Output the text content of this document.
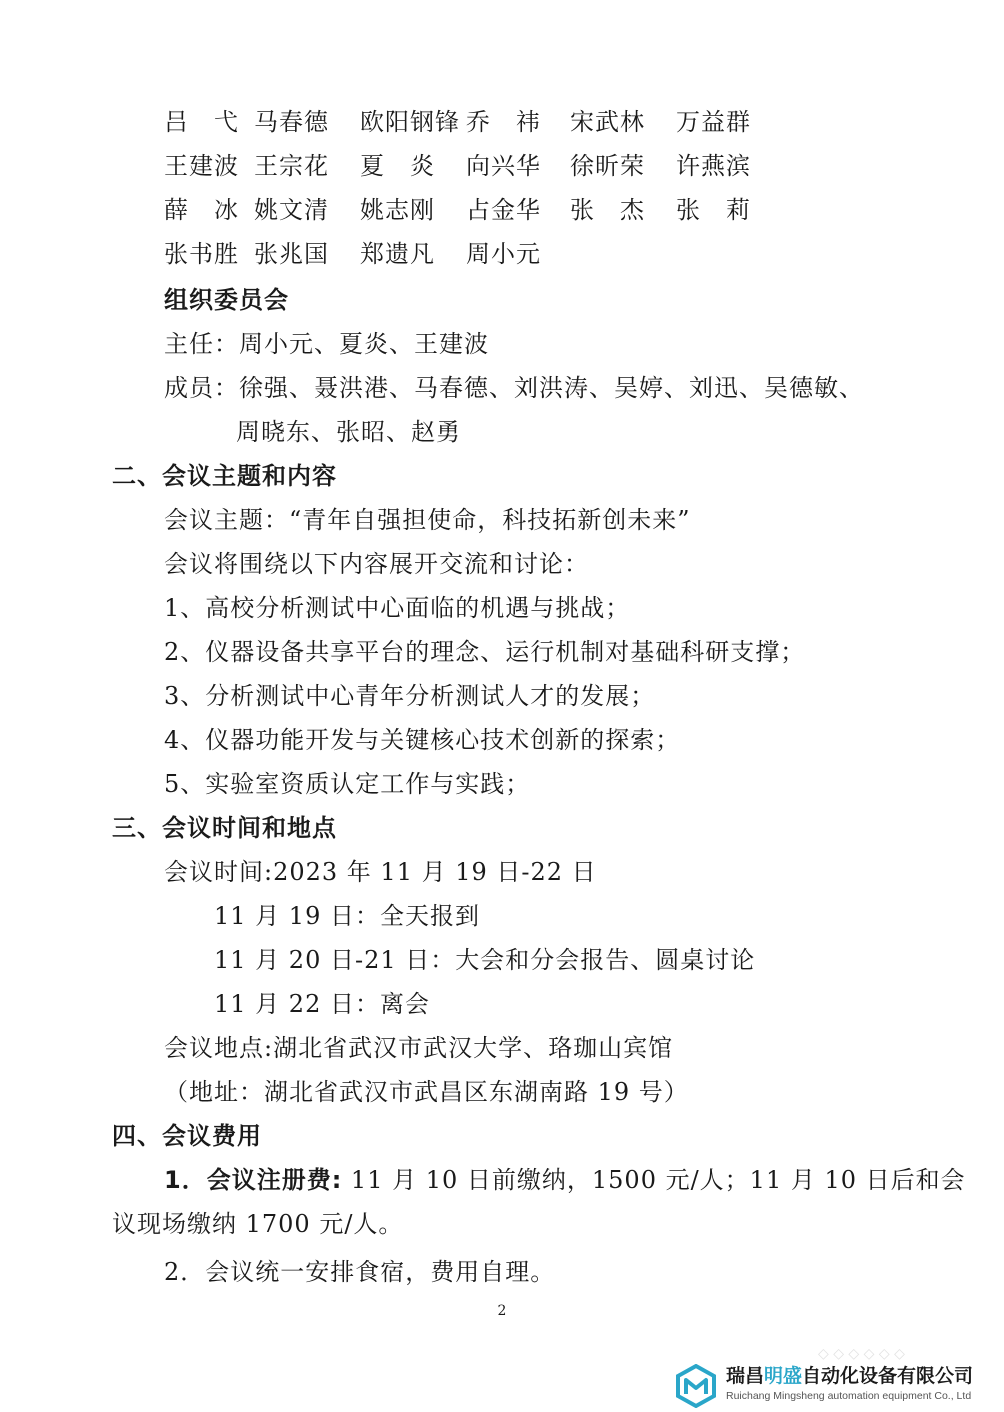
吕　弋 马春德 欧阳钢锋 乔　祎 宋武林 万益群
王建波 王宗花 夏　炎 向兴华 徐昕荣 许燕滨
薛　冰 姚文清 姚志刚 占金华 张　杰 张　莉
张书胜 张兆国 郑遗凡 周小元
组织委员会
主任：周小元、夏炎、王建波
成员：徐强、聂洪港、马春德、刘洪涛、吴婷、刘迅、吴德敏、
周晓东、张昭、赵勇
二、会议主题和内容
会议主题：“青年自强担使命，科技拓新创未来”
会议将围绕以下内容展开交流和讨论：
1、高校分析测试中心面临的机遇与挑战；
2、仪器设备共享平台的理念、运行机制对基础科研支撑；
3、分析测试中心青年分析测试人才的发展；
4、仪器功能开发与关键核心技术创新的探索；
5、实验室资质认定工作与实践；
三、会议时间和地点
会议时间:2023 年 11 月 19 日-22 日
11 月 19 日：全天报到
11 月 20 日-21 日：大会和分会报告、圆桌讨论
11 月 22 日：离会
会议地点:湖北省武汉市武汉大学、珞珈山宾馆
（地址：湖北省武汉市武昌区东湖南路 19 号）
四、会议费用
1．会议注册费: 11 月 10 日前缴纳，1500 元/人；11 月 10 日后和会
议现场缴纳 1700 元/人。
2．会议统一安排食宿，费用自理。
2
◇ ◇ ◇ ◇ ◇ ◇
瑞昌明盛自动化设备有限公司
Ruichang Mingsheng automation equipment Co., Ltd
